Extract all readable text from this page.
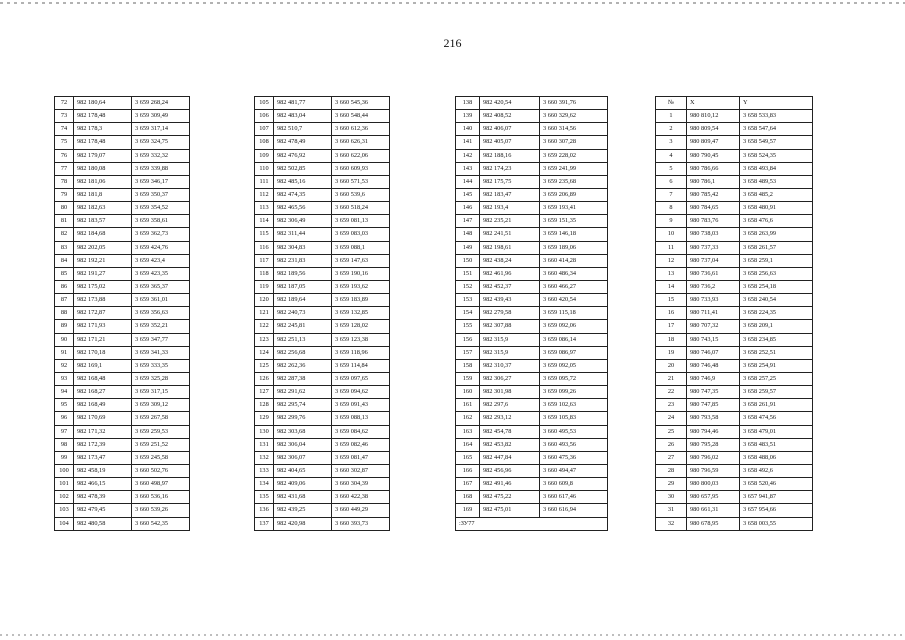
216
72	982 180,64	3 659 268,24
73	982 178,48	3 659 309,49
74	982 178,3	3 659 317,14
75	982 178,48	3 659 324,75
76	982 179,07	3 659 332,32
77	982 180,08	3 659 339,88
78	982 181,06	3 659 346,17
79	982 181,8	3 659 350,37
80	982 182,63	3 659 354,52
81	982 183,57	3 659 358,61
82	982 184,68	3 659 362,73
83	982 202,05	3 659 424,76
84	982 192,21	3 659 423,4
85	982 191,27	3 659 423,35
86	982 175,02	3 659 365,37
87	982 173,88	3 659 361,01
88	982 172,87	3 659 356,63
89	982 171,93	3 659 352,21
90	982 171,21	3 659 347,77
91	982 170,18	3 659 341,33
92	982 169,1	3 659 333,35
93	982 168,48	3 659 325,28
94	982 168,27	3 659 317,15
95	982 168,49	3 659 309,12
96	982 170,69	3 659 267,58
97	982 171,32	3 659 259,53
98	982 172,39	3 659 251,52
99	982 173,47	3 659 245,58
100	982 458,19	3 660 502,76
101	982 466,15	3 660 498,97
102	982 478,39	3 660 536,16
103	982 479,45	3 660 539,26
104	982 480,58	3 660 542,35
105	982 481,77	3 660 545,36
106	982 483,04	3 660 548,44
107	982 510,7	3 660 612,36
108	982 478,49	3 660 626,31
109	982 476,92	3 660 622,06
110	982 502,85	3 660 609,93
111	982 485,16	3 660 571,53
112	982 474,35	3 660 539,6
113	982 465,56	3 660 518,24
114	982 306,49	3 659 081,13
115	982 311,44	3 659 083,03
116	982 304,83	3 659 088,1
117	982 231,83	3 659 147,63
118	982 189,56	3 659 190,16
119	982 187,05	3 659 193,62
120	982 189,64	3 659 183,89
121	982 240,73	3 659 132,85
122	982 245,81	3 659 128,02
123	982 251,13	3 659 123,38
124	982 256,68	3 659 118,96
125	982 262,36	3 659 114,84
126	982 287,38	3 659 097,65
127	982 291,62	3 659 094,62
128	982 295,74	3 659 091,43
129	982 299,76	3 659 088,13
130	982 303,68	3 659 084,62
131	982 306,04	3 659 082,46
132	982 306,07	3 659 081,47
133	982 404,65	3 660 302,87
134	982 409,06	3 660 304,39
135	982 431,68	3 660 422,38
136	982 439,25	3 660 449,29
137	982 420,98	3 660 393,73
138	982 420,54	3 660 391,76
139	982 408,52	3 660 329,62
140	982 406,07	3 660 314,56
141	982 405,07	3 660 307,28
142	982 188,16	3 659 228,02
143	982 174,23	3 659 241,99
144	982 175,75	3 659 235,68
145	982 183,47	3 659 206,89
146	982 193,4	3 659 193,41
147	982 235,21	3 659 151,35
148	982 241,51	3 659 146,18
149	982 198,61	3 659 189,06
150	982 438,24	3 660 414,28
151	982 461,96	3 660 486,34
152	982 452,37	3 660 466,27
153	982 439,43	3 660 420,54
154	982 279,58	3 659 115,18
155	982 307,88	3 659 092,06
156	982 315,9	3 659 086,14
157	982 315,9	3 659 086,97
158	982 310,37	3 659 092,05
159	982 306,27	3 659 095,72
160	982 301,98	3 659 099,26
161	982 297,6	3 659 102,63
162	982 293,12	3 659 105,83
163	982 454,78	3 660 495,53
164	982 453,82	3 660 493,56
165	982 447,84	3 660 475,36
166	982 456,96	3 660 494,47
167	982 491,46	3 660 609,8
168	982 475,22	3 660 617,46
169	982 475,01	3 660 616,94
:ЗУ77		
№	X	Y
1	980 810,12	3 658 533,83
2	980 809,54	3 658 547,64
3	980 809,47	3 658 549,57
4	980 790,45	3 658 524,35
5	980 786,66	3 658 493,84
6	980 786,1	3 658 489,53
7	980 785,42	3 658 485,2
8	980 784,65	3 658 480,91
9	980 783,76	3 658 476,6
10	980 738,03	3 658 263,99
11	980 737,33	3 658 261,57
12	980 737,04	3 658 259,1
13	980 736,61	3 658 256,63
14	980 736,2	3 658 254,18
15	980 733,93	3 658 240,54
16	980 711,41	3 658 224,35
17	980 707,32	3 658 209,1
18	980 743,15	3 658 234,85
19	980 746,07	3 658 252,51
20	980 746,48	3 658 254,91
21	980 746,9	3 658 257,25
22	980 747,35	3 658 259,57
23	980 747,85	3 658 261,91
24	980 793,58	3 658 474,56
25	980 794,46	3 658 479,01
26	980 795,28	3 658 483,51
27	980 796,02	3 658 488,06
28	980 796,59	3 658 492,6
29	980 800,03	3 658 520,46
30	980 657,95	3 657 941,87
31	980 661,31	3 657 954,66
32	980 678,95	3 658 003,55
